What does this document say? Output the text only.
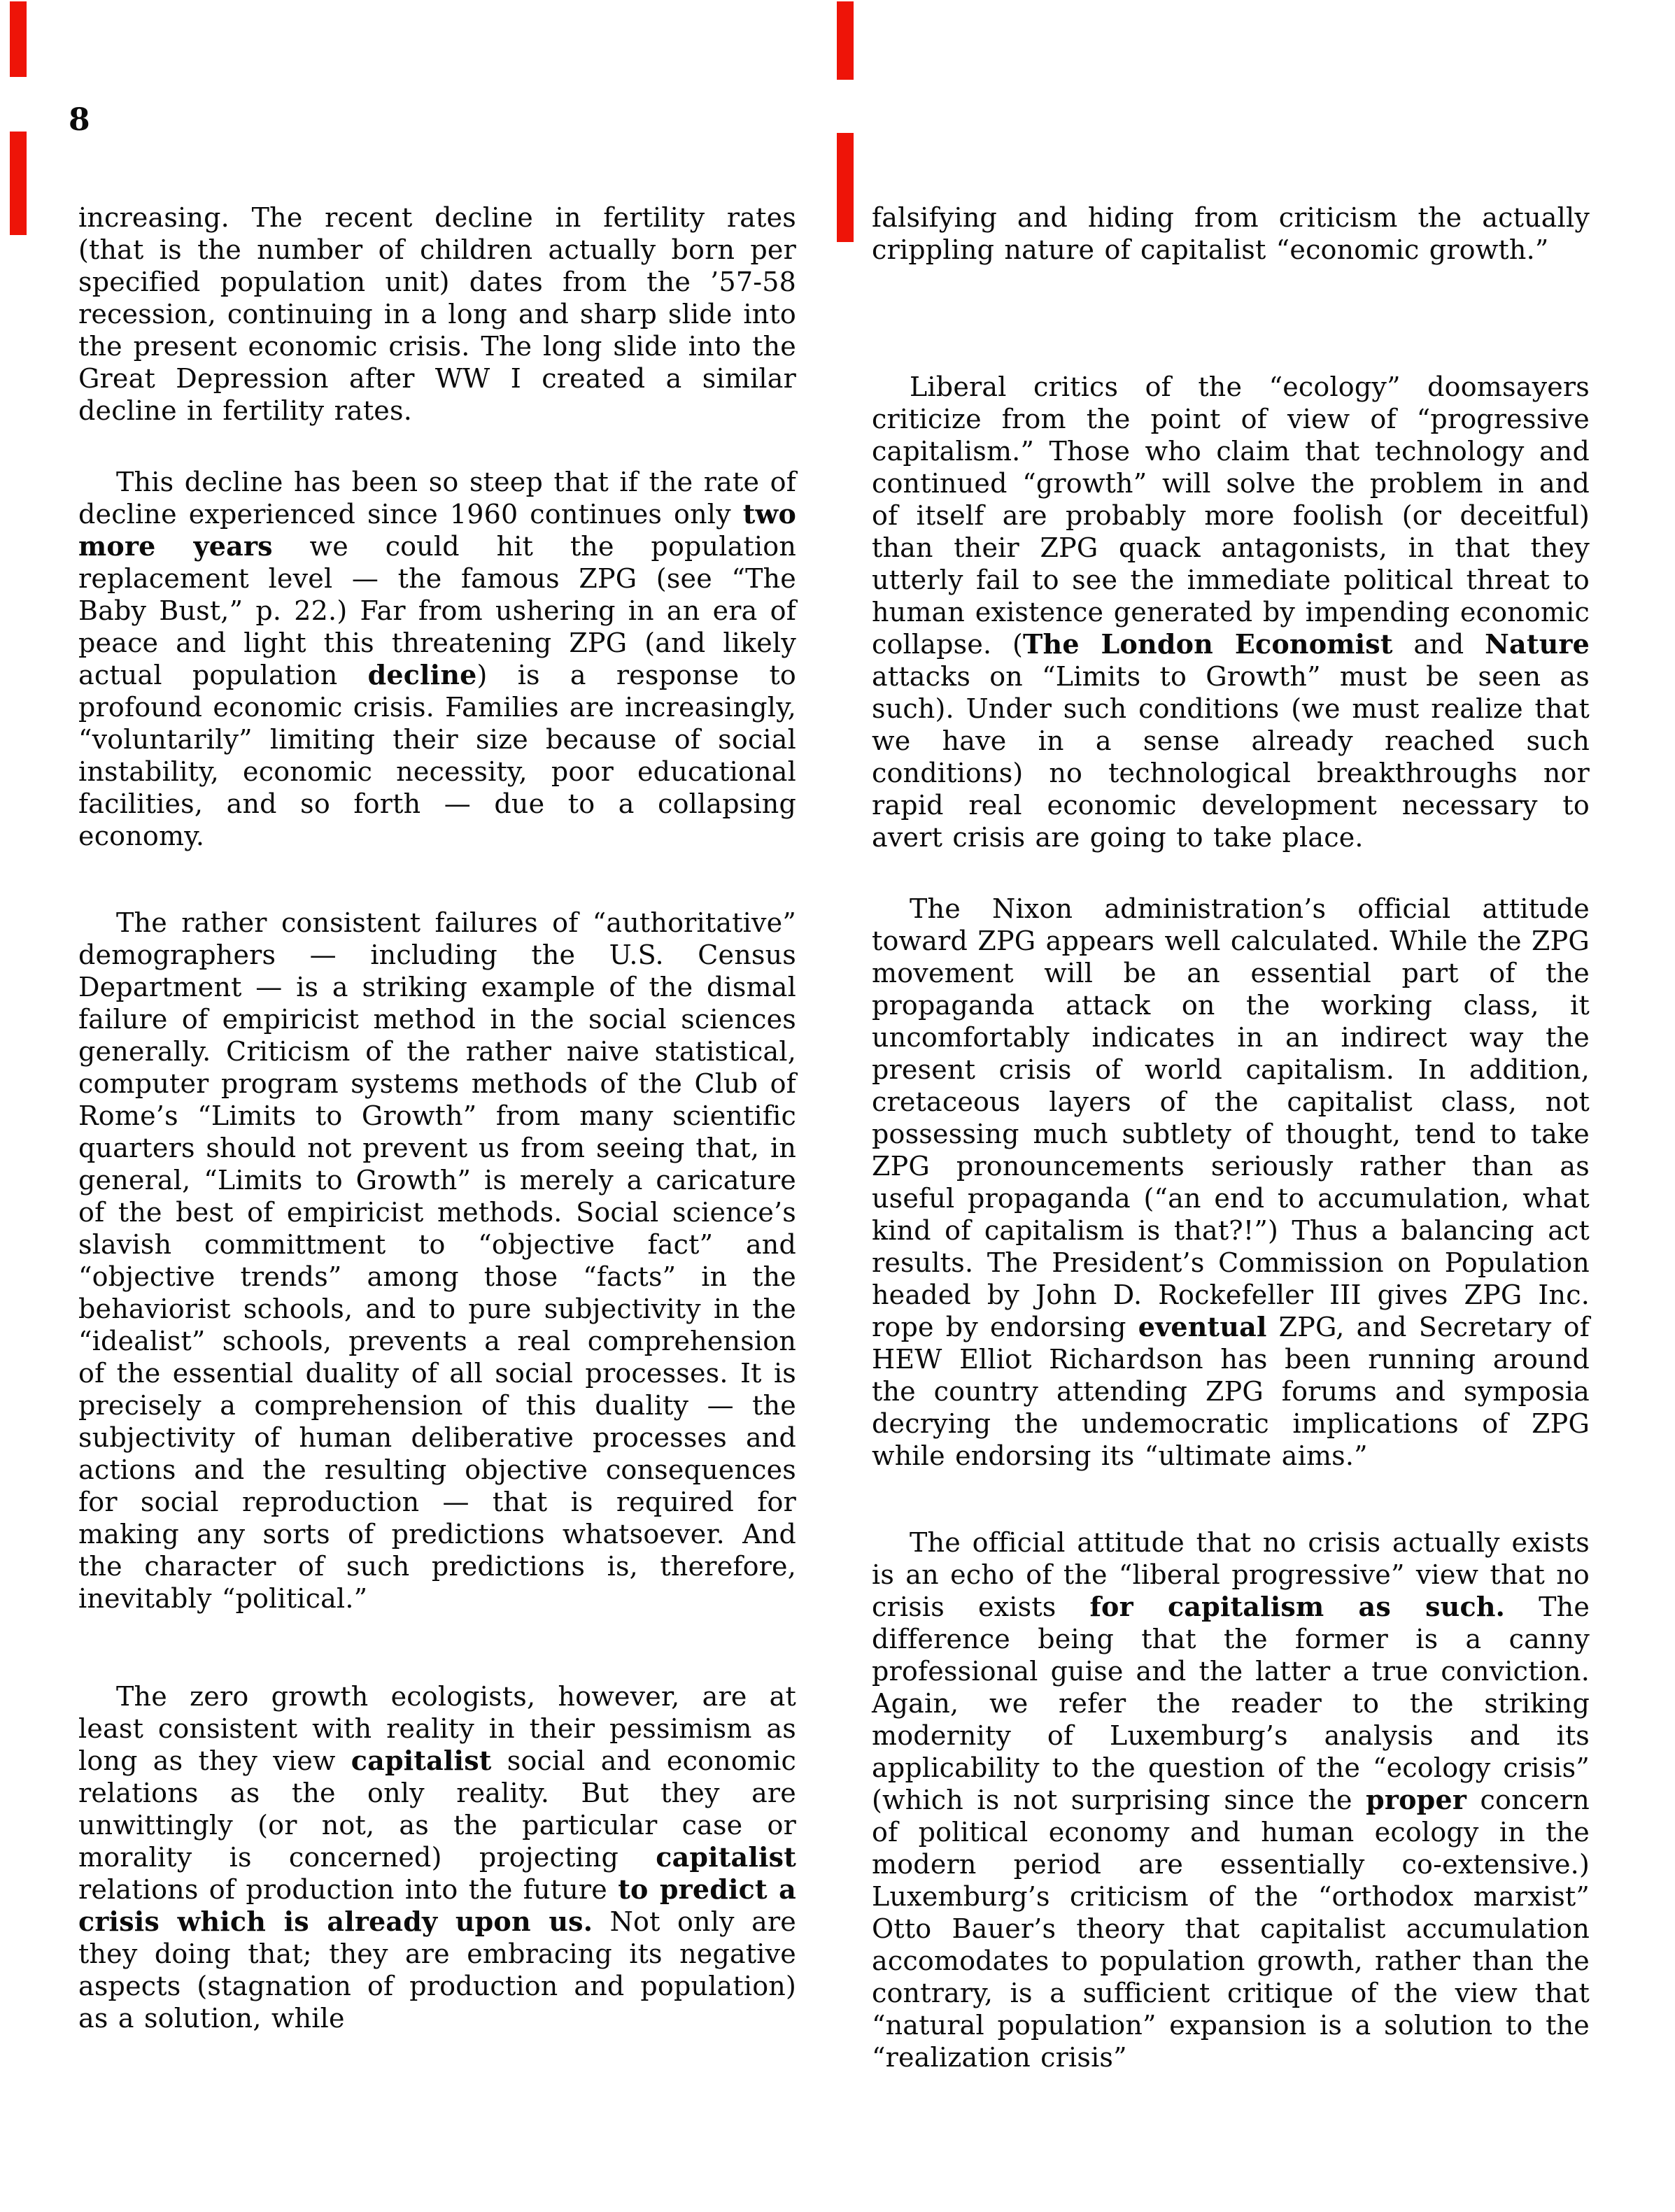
8

increasing. The recent decline in fertility rates (that is the number of children actually born per specified population unit) dates from the ’57-58 recession, continuing in a long and sharp slide into the present economic crisis. The long slide into the Great Depression after WW I created a similar decline in fertility rates.

This decline has been so steep that if the rate of decline experienced since 1960 continues only two more years we could hit the population replacement level — the famous ZPG (see “The Baby Bust,” p. 22.) Far from ushering in an era of peace and light this threatening ZPG (and likely actual population decline) is a response to profound economic crisis. Families are increasingly, “voluntarily” limiting their size because of social instability, economic necessity, poor educational facilities, and so forth — due to a collapsing economy.

The rather consistent failures of “authoritative” demographers — including the U.S. Census Department — is a striking example of the dismal failure of empiricist method in the social sciences generally. Criticism of the rather naive statistical, computer program systems methods of the Club of Rome’s “Limits to Growth” from many scientific quarters should not prevent us from seeing that, in general, “Limits to Growth” is merely a caricature of the best of empiricist methods. Social science’s slavish committment to “objective fact” and “objective trends” among those “facts” in the behaviorist schools, and to pure subjectivity in the “idealist” schools, prevents a real comprehension of the essential duality of all social processes. It is precisely a comprehension of this duality — the subjectivity of human deliberative processes and actions and the resulting objective consequences for social reproduction — that is required for making any sorts of predictions whatsoever. And the character of such predictions is, therefore, inevitably “political.”

The zero growth ecologists, however, are at least consistent with reality in their pessimism as long as they view capitalist social and economic relations as the only reality. But they are unwittingly (or not, as the particular case or morality is concerned) projecting capitalist relations of production into the future to predict a crisis which is already upon us. Not only are they doing that; they are embracing its negative aspects (stagnation of production and population) as a solution, while

falsifying and hiding from criticism the actually crippling nature of capitalist “economic growth.”

Liberal critics of the “ecology” doomsayers criticize from the point of view of “progressive capitalism.” Those who claim that technology and continued “growth” will solve the problem in and of itself are probably more foolish (or deceitful) than their ZPG quack antagonists, in that they utterly fail to see the immediate political threat to human existence generated by impending economic collapse. (The London Economist and Nature attacks on “Limits to Growth” must be seen as such). Under such conditions (we must realize that we have in a sense already reached such conditions) no technological breakthroughs nor rapid real economic development necessary to avert crisis are going to take place.

The Nixon administration’s official attitude toward ZPG appears well calculated. While the ZPG movement will be an essential part of the propaganda attack on the working class, it uncomfortably indicates in an indirect way the present crisis of world capitalism. In addition, cretaceous layers of the capitalist class, not possessing much subtlety of thought, tend to take ZPG pronouncements seriously rather than as useful propaganda (“an end to accumulation, what kind of capitalism is that?!”) Thus a balancing act results. The President’s Commission on Population headed by John D. Rockefeller III gives ZPG Inc. rope by endorsing eventual ZPG, and Secretary of HEW Elliot Richardson has been running around the country attending ZPG forums and symposia decrying the undemocratic implications of ZPG while endorsing its “ultimate aims.”

The official attitude that no crisis actually exists is an echo of the “liberal progressive” view that no crisis exists for capitalism as such. The difference being that the former is a canny professional guise and the latter a true conviction. Again, we refer the reader to the striking modernity of Luxemburg’s analysis and its applicability to the question of the “ecology crisis” (which is not surprising since the proper concern of political economy and human ecology in the modern period are essentially co-extensive.) Luxemburg’s criticism of the “orthodox marxist” Otto Bauer’s theory that capitalist accumulation accomodates to population growth, rather than the contrary, is a sufficient critique of the view that “natural population” expansion is a solution to the “realization crisis”
